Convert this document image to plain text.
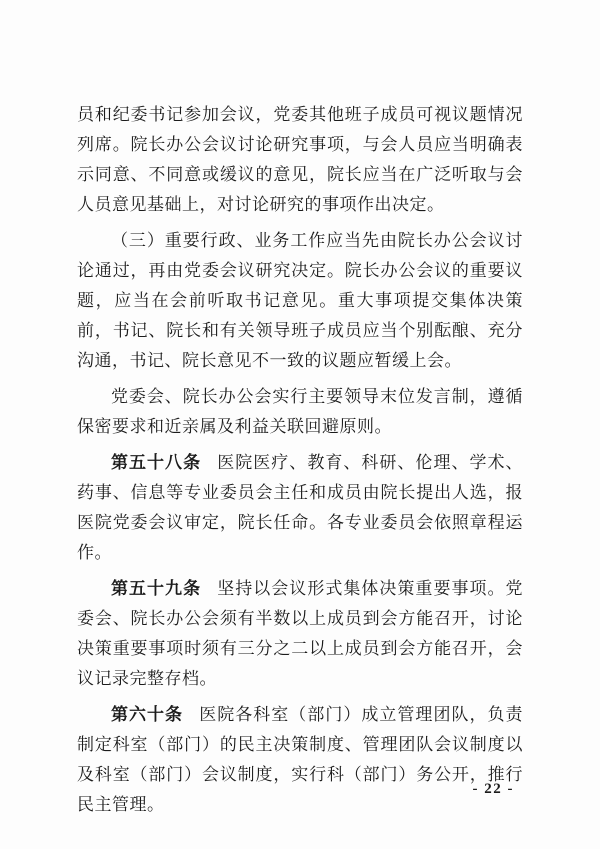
员和纪委书记参加会议，党委其他班子成员可视议题情况列席。院长办公会议讨论研究事项，与会人员应当明确表示同意、不同意或缓议的意见，院长应当在广泛听取与会人员意见基础上，对讨论研究的事项作出决定。

（三）重要行政、业务工作应当先由院长办公会议讨论通过，再由党委会议研究决定。院长办公会议的重要议题，应当在会前听取书记意见。重大事项提交集体决策前，书记、院长和有关领导班子成员应当个别酝酿、充分沟通，书记、院长意见不一致的议题应暂缓上会。

党委会、院长办公会实行主要领导末位发言制，遵循保密要求和近亲属及利益关联回避原则。

第五十八条 医院医疗、教育、科研、伦理、学术、药事、信息等专业委员会主任和成员由院长提出人选，报医院党委会议审定，院长任命。各专业委员会依照章程运作。

第五十九条 坚持以会议形式集体决策重要事项。党委会、院长办公会须有半数以上成员到会方能召开，讨论决策重要事项时须有三分之二以上成员到会方能召开，会议记录完整存档。

第六十条 医院各科室（部门）成立管理团队，负责制定科室（部门）的民主决策制度、管理团队会议制度以及科室（部门）会议制度，实行科（部门）务公开，推行民主管理。

- 22 -
